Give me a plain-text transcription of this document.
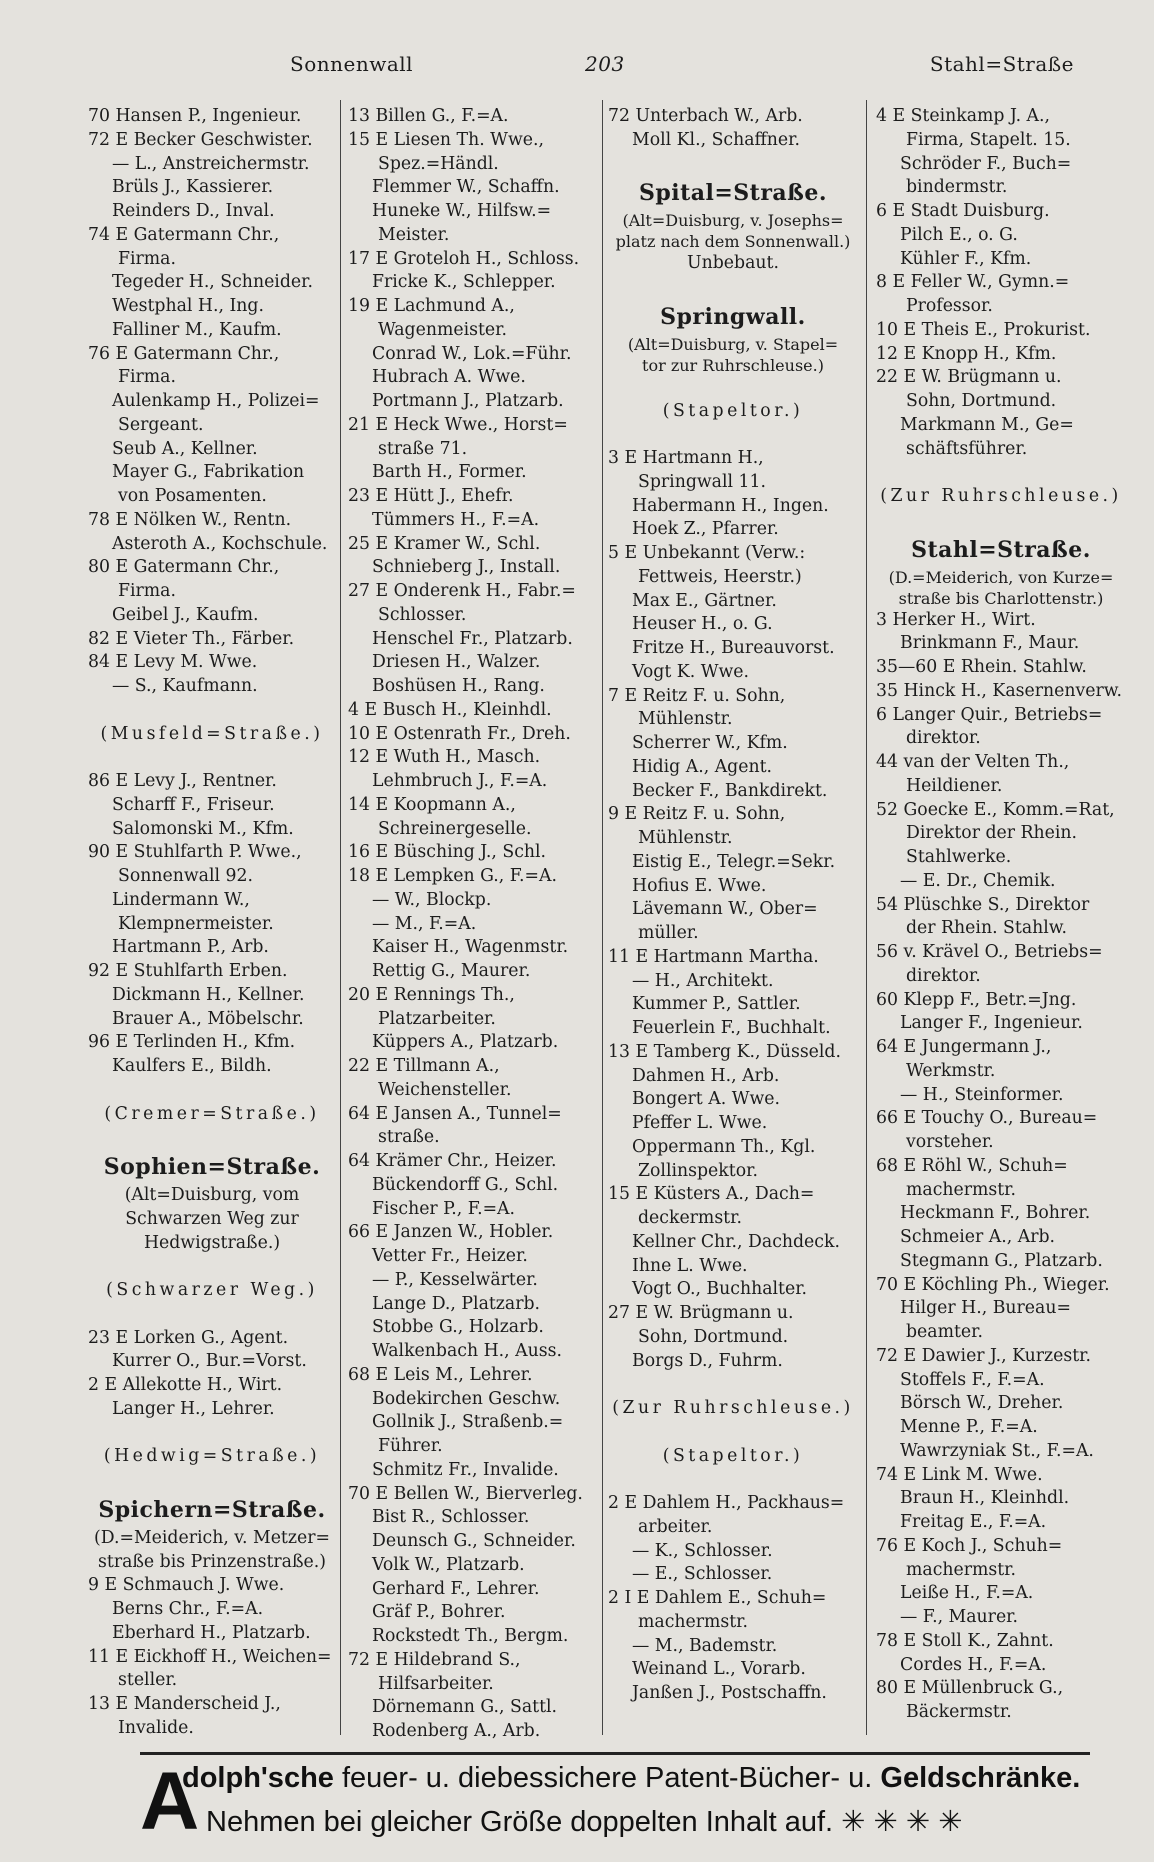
Sonnenwall	203	Stahl=Straße
70 Hansen P., Ingenieur.
72 E Becker Geschwister.
— L., Anstreichermstr.
Brüls J., Kassierer.
Reinders D., Inval.
74 E Gatermann Chr.,
Firma.
Tegeder H., Schneider.
Westphal H., Ing.
Falliner M., Kaufm.
76 E Gatermann Chr.,
Firma.
Aulenkamp H., Polizei=
Sergeant.
Seub A., Kellner.
Mayer G., Fabrikation
von Posamenten.
78 E Nölken W., Rentn.
Asteroth A., Kochschule.
80 E Gatermann Chr.,
Firma.
Geibel J., Kaufm.
82 E Vieter Th., Färber.
84 E Levy M. Wwe.
— S., Kaufmann.
(Musfeld=Straße.)
86 E Levy J., Rentner.
Scharff F., Friseur.
Salomonski M., Kfm.
90 E Stuhlfarth P. Wwe.,
Sonnenwall 92.
Lindermann W.,
Klempnermeister.
Hartmann P., Arb.
92 E Stuhlfarth Erben.
Dickmann H., Kellner.
Brauer A., Möbelschr.
96 E Terlinden H., Kfm.
Kaulfers E., Bildh.
(Cremer=Straße.)
Sophien=Straße.
(Alt=Duisburg, vom
Schwarzen Weg zur
Hedwigstraße.)
(Schwarzer Weg.)
23 E Lorken G., Agent.
Kurrer O., Bur.=Vorst.
2 E Allekotte H., Wirt.
Langer H., Lehrer.
(Hedwig=Straße.)
Spichern=Straße.
(D.=Meiderich, v. Metzer=
straße bis Prinzenstraße.)
9 E Schmauch J. Wwe.
Berns Chr., F.=A.
Eberhard H., Platzarb.
11 E Eickhoff H., Weichen=
steller.
13 E Manderscheid J.,
Invalide.
13 Billen G., F.=A.
15 E Liesen Th. Wwe.,
Spez.=Händl.
Flemmer W., Schaffn.
Huneke W., Hilfsw.=
Meister.
17 E Groteloh H., Schloss.
Fricke K., Schlepper.
19 E Lachmund A.,
Wagenmeister.
Conrad W., Lok.=Führ.
Hubrach A. Wwe.
Portmann J., Platzarb.
21 E Heck Wwe., Horst=
straße 71.
Barth H., Former.
23 E Hütt J., Ehefr.
Tümmers H., F.=A.
25 E Kramer W., Schl.
Schnieberg J., Install.
27 E Onderenk H., Fabr.=
Schlosser.
Henschel Fr., Platzarb.
Driesen H., Walzer.
Boshüsen H., Rang.
4 E Busch H., Kleinhdl.
10 E Ostenrath Fr., Dreh.
12 E Wuth H., Masch.
Lehmbruch J., F.=A.
14 E Koopmann A.,
Schreinergeselle.
16 E Büsching J., Schl.
18 E Lempken G., F.=A.
— W., Blockp.
— M., F.=A.
Kaiser H., Wagenmstr.
Rettig G., Maurer.
20 E Rennings Th.,
Platzarbeiter.
Küppers A., Platzarb.
22 E Tillmann A.,
Weichensteller.
64 E Jansen A., Tunnel=
straße.
64 Krämer Chr., Heizer.
Bückendorff G., Schl.
Fischer P., F.=A.
66 E Janzen W., Hobler.
Vetter Fr., Heizer.
— P., Kesselwärter.
Lange D., Platzarb.
Stobbe G., Holzarb.
Walkenbach H., Auss.
68 E Leis M., Lehrer.
Bodekirchen Geschw.
Gollnik J., Straßenb.=
Führer.
Schmitz Fr., Invalide.
70 E Bellen W., Bierverleg.
Bist R., Schlosser.
Deunsch G., Schneider.
Volk W., Platzarb.
Gerhard F., Lehrer.
Gräf P., Bohrer.
Rockstedt Th., Bergm.
72 E Hildebrand S.,
Hilfsarbeiter.
Dörnemann G., Sattl.
Rodenberg A., Arb.
72 Unterbach W., Arb.
Moll Kl., Schaffner.
Spital=Straße.
(Alt=Duisburg, v. Josephs=
platz nach dem Sonnenwall.)
Unbebaut.
Springwall.
(Alt=Duisburg, v. Stapel=
tor zur Ruhrschleuse.)
(Stapeltor.)
3 E Hartmann H.,
Springwall 11.
Habermann H., Ingen.
Hoek Z., Pfarrer.
5 E Unbekannt (Verw.:
Fettweis, Heerstr.)
Max E., Gärtner.
Heuser H., o. G.
Fritze H., Bureauvorst.
Vogt K. Wwe.
7 E Reitz F. u. Sohn,
Mühlenstr.
Scherrer W., Kfm.
Hidig A., Agent.
Becker F., Bankdirekt.
9 E Reitz F. u. Sohn,
Mühlenstr.
Eistig E., Telegr.=Sekr.
Hofius E. Wwe.
Lävemann W., Ober=
müller.
11 E Hartmann Martha.
— H., Architekt.
Kummer P., Sattler.
Feuerlein F., Buchhalt.
13 E Tamberg K., Düsseld.
Dahmen H., Arb.
Bongert A. Wwe.
Pfeffer L. Wwe.
Oppermann Th., Kgl.
Zollinspektor.
15 E Küsters A., Dach=
deckermstr.
Kellner Chr., Dachdeck.
Ihne L. Wwe.
Vogt O., Buchhalter.
27 E W. Brügmann u.
Sohn, Dortmund.
Borgs D., Fuhrm.
(Zur Ruhrschleuse.)
(Stapeltor.)
2 E Dahlem H., Packhaus=
arbeiter.
— K., Schlosser.
— E., Schlosser.
2 I E Dahlem E., Schuh=
machermstr.
— M., Bademstr.
Weinand L., Vorarb.
Janßen J., Postschaffn.
4 E Steinkamp J. A.,
Firma, Stapelt. 15.
Schröder F., Buch=
bindermstr.
6 E Stadt Duisburg.
Pilch E., o. G.
Kühler F., Kfm.
8 E Feller W., Gymn.=
Professor.
10 E Theis E., Prokurist.
12 E Knopp H., Kfm.
22 E W. Brügmann u.
Sohn, Dortmund.
Markmann M., Ge=
schäftsführer.
(Zur Ruhrschleuse.)
Stahl=Straße.
(D.=Meiderich, von Kurze=
straße bis Charlottenstr.)
3 Herker H., Wirt.
Brinkmann F., Maur.
35—60 E Rhein. Stahlw.
35 Hinck H., Kasernenverw.
6 Langer Quir., Betriebs=
direktor.
44 van der Velten Th.,
Heildiener.
52 Goecke E., Komm.=Rat,
Direktor der Rhein.
Stahlwerke.
— E. Dr., Chemik.
54 Plüschke S., Direktor
der Rhein. Stahlw.
56 v. Krävel O., Betriebs=
direktor.
60 Klepp F., Betr.=Jng.
Langer F., Ingenieur.
64 E Jungermann J.,
Werkmstr.
— H., Steinformer.
66 E Touchy O., Bureau=
vorsteher.
68 E Röhl W., Schuh=
machermstr.
Heckmann F., Bohrer.
Schmeier A., Arb.
Stegmann G., Platzarb.
70 E Köchling Ph., Wieger.
Hilger H., Bureau=
beamter.
72 E Dawier J., Kurzestr.
Stoffels F., F.=A.
Börsch W., Dreher.
Menne P., F.=A.
Wawrzyniak St., F.=A.
74 E Link M. Wwe.
Braun H., Kleinhdl.
Freitag E., F.=A.
76 E Koch J., Schuh=
machermstr.
Leiße H., F.=A.
— F., Maurer.
78 E Stoll K., Zahnt.
Cordes H., F.=A.
80 E Müllenbruck G.,
Bäckermstr.
A
dolph'sche feuer- u. diebessichere Patent-Bücher- u. Geldschränke.
Nehmen bei gleicher Größe doppelten Inhalt auf. ✳ ✳ ✳ ✳
